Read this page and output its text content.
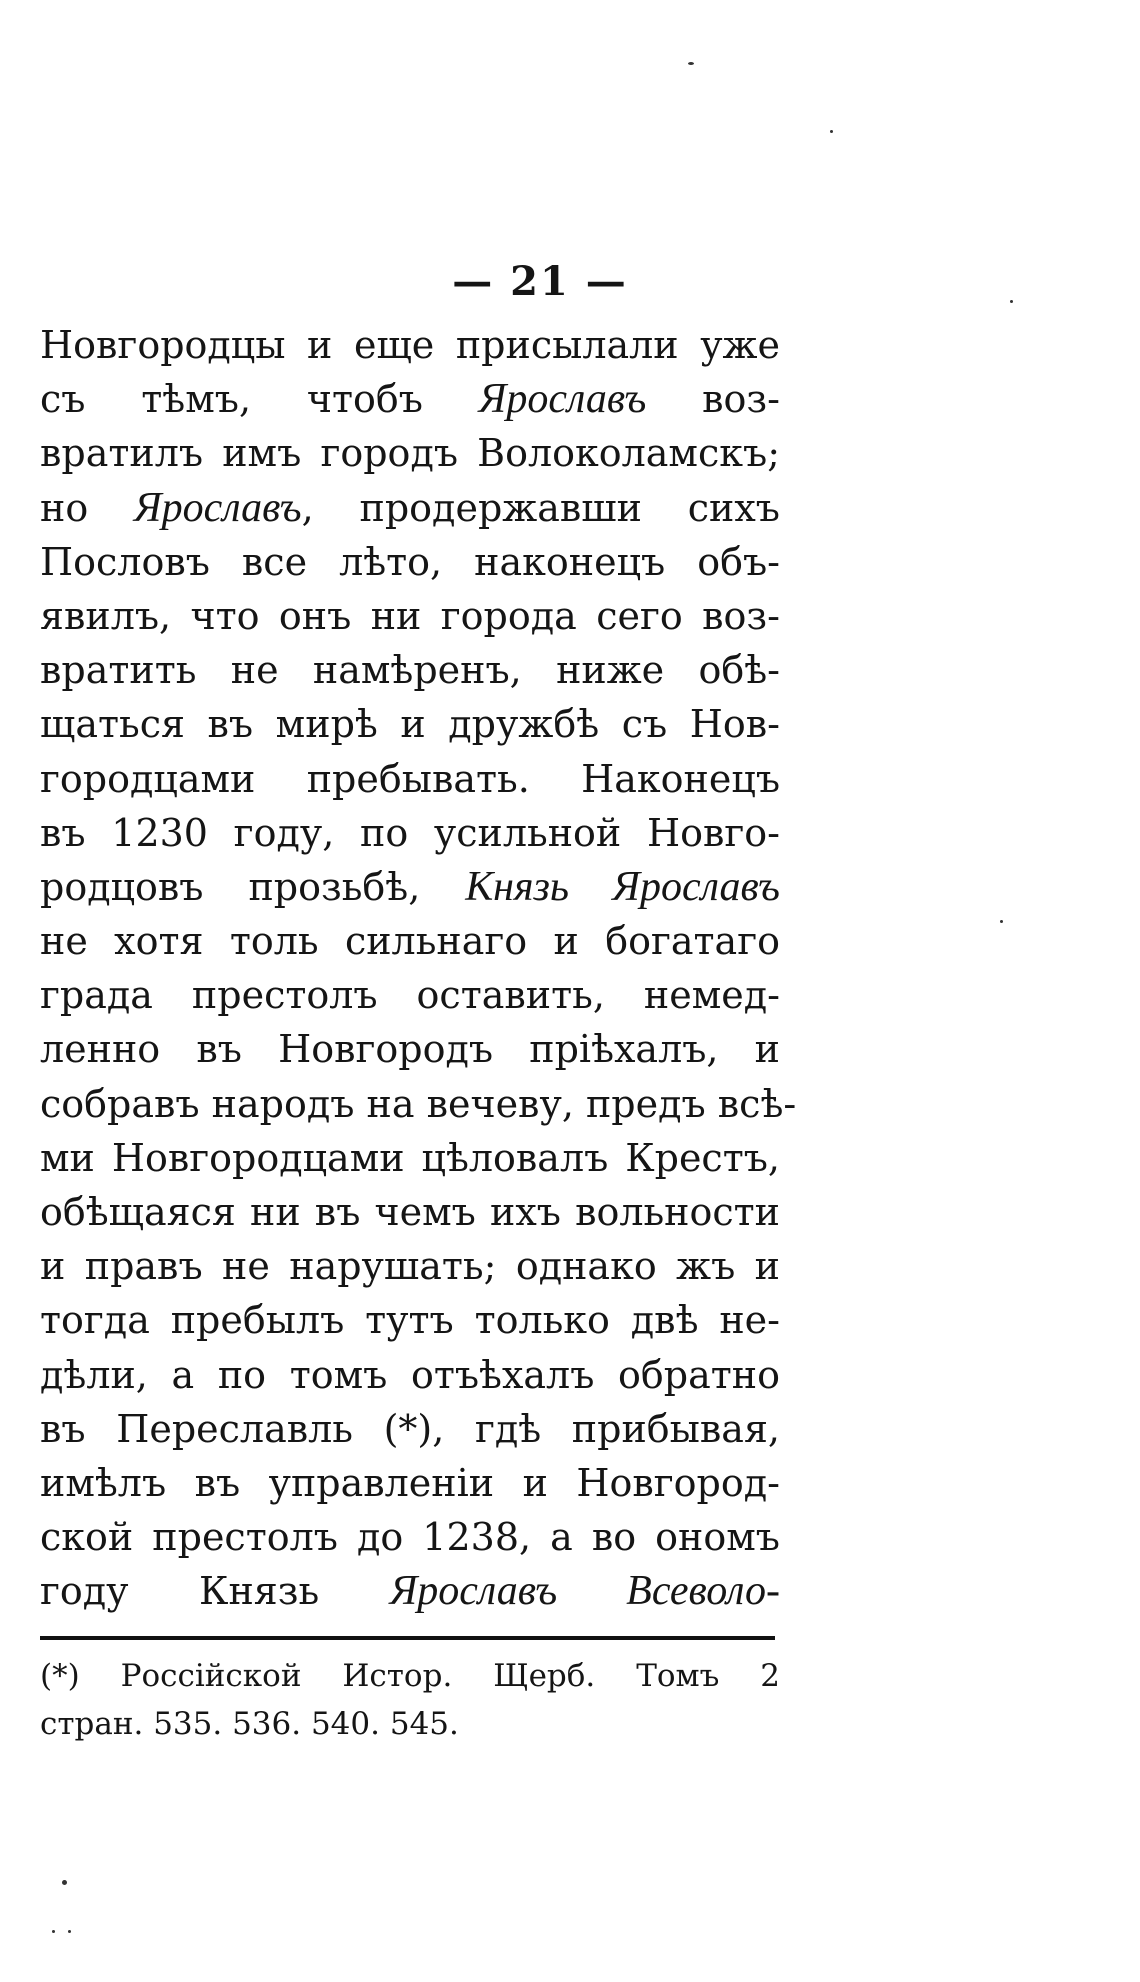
— 21 —
Новгородцы и еще присылали уже
съ тѣмъ, чтобъ Ярославъ воз-
вратилъ имъ городъ Волоколамскъ;
но Ярославъ, продержавши сихъ
Пословъ все лѣто, наконецъ объ-
явилъ, что онъ ни города сего воз-
вратить не намѣренъ, ниже обѣ-
щаться въ мирѣ и дружбѣ съ Нов-
городцами пребывать. Наконецъ
въ 1230 году, по усильной Новго-
родцовъ прозьбѣ, Князь Ярославъ
не хотя толь сильнаго и богатаго
града престолъ оставить, немед-
ленно въ Новгородъ пріѣхалъ, и
собравъ народъ на вечеву, предъ всѣ-
ми Новгородцами цѣловалъ Крестъ,
обѣщаяся ни въ чемъ ихъ вольности
и правъ не нарушать; однако жъ и
тогда пребылъ тутъ только двѣ не-
дѣли, а по томъ отъѣхалъ обратно
въ Переславль (*), гдѣ прибывая,
имѣлъ въ управленіи и Новгород-
ской престолъ до 1238, а во ономъ
году Князь Ярославъ Всеволо-
(*) Россійской Истор. Щерб. Томъ 2
стран. 535. 536. 540. 545.
